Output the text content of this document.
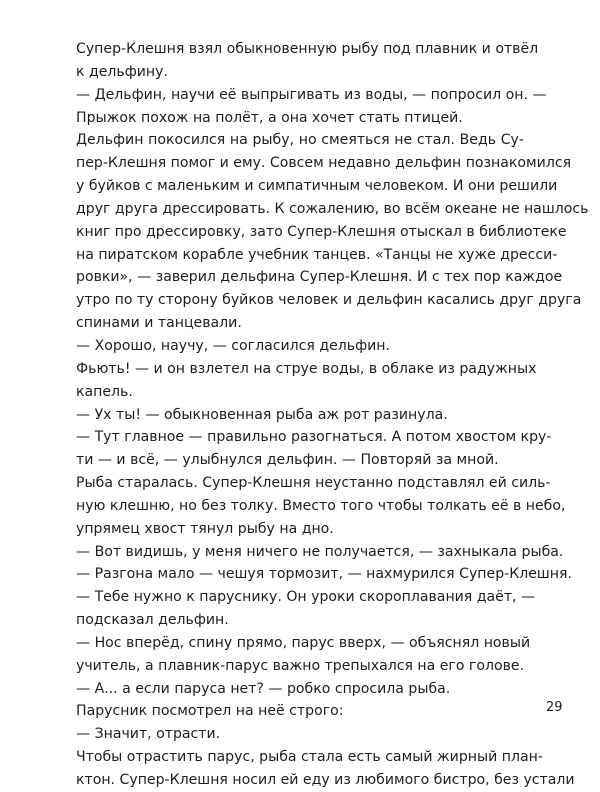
Супер-Клешня взял обыкновенную рыбу под плавник и отвёл
к дельфину.

— Дельфин, научи её выпрыгивать из воды, — попросил он. —
Прыжок похож на полёт, а она хочет стать птицей.

Дельфин покосился на рыбу, но смеяться не стал. Ведь Су-
пер-Клешня помог и ему. Совсем недавно дельфин познакомился
у буйков с маленьким и симпатичным человеком. И они решили
друг друга дрессировать. К сожалению, во всём океане не нашлось
книг про дрессировку, зато Супер-Клешня отыскал в библиотеке
на пиратском корабле учебник танцев. «Танцы не хуже дресси-
ровки», — заверил дельфина Супер-Клешня. И с тех пор каждое
утро по ту сторону буйков человек и дельфин касались друг друга
спинами и танцевали.

— Хорошо, научу, — согласился дельфин.

Фьють! — и он взлетел на струе воды, в облаке из радужных
капель.

— Ух ты! — обыкновенная рыба аж рот разинула.

— Тут главное — правильно разогнаться. А потом хвостом кру-
ти — и всё, — улыбнулся дельфин. — Повторяй за мной.

Рыба старалась. Супер-Клешня неустанно подставлял ей силь-
ную клешню, но без толку. Вместо того чтобы толкать её в небо,
упрямец хвост тянул рыбу на дно.

— Вот видишь, у меня ничего не получается, — захныкала рыба.

— Разгона мало — чешуя тормозит, — нахмурился Супер-Клешня.

— Тебе нужно к паруснику. Он уроки скороплавания даёт, —
подсказал дельфин.

— Нос вперёд, спину прямо, парус вверх, — объяснял новый
учитель, а плавник-парус важно трепыхался на его голове.

— А... а если паруса нет? — робко спросила рыба.

Парусник посмотрел на неё строго:

— Значит, отрасти.

Чтобы отрастить парус, рыба стала есть самый жирный план-
ктон. Супер-Клешня носил ей еду из любимого бистро, без устали

29
